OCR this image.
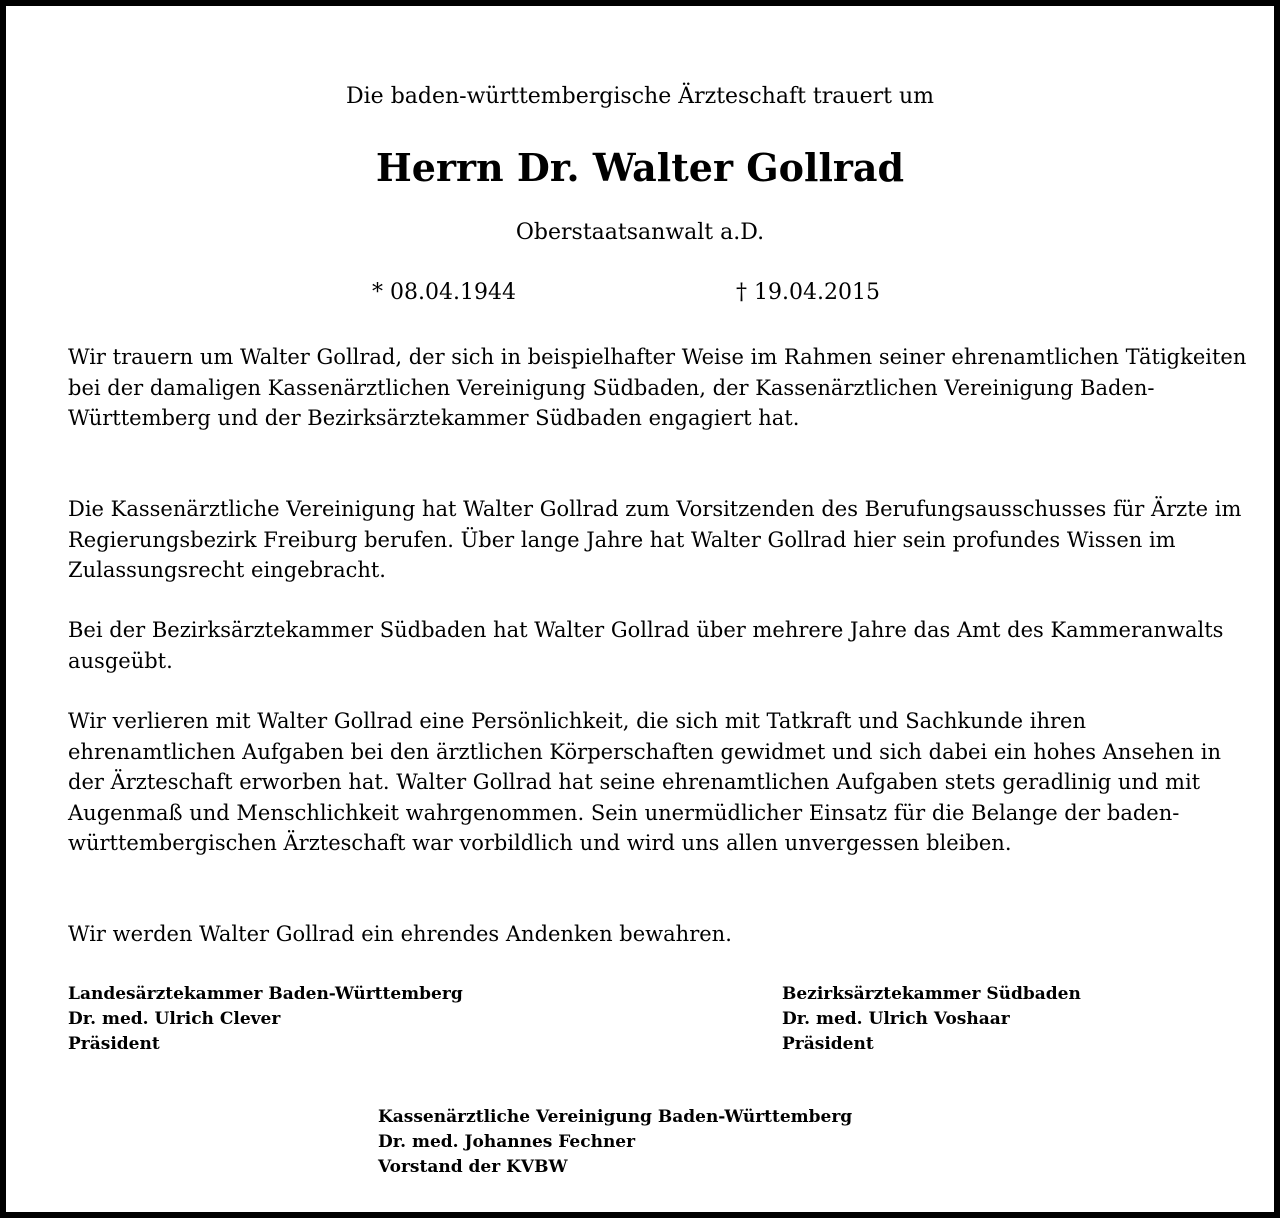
Die baden-württembergische Ärzteschaft trauert um
Herrn Dr. Walter Gollrad
Oberstaatsanwalt a.D.
* 08.04.1944	† 19.04.2015

Wir trauern um Walter Gollrad, der sich in beispielhafter Weise im Rahmen seiner ehrenamtlichen Tätigkeiten bei der damaligen Kassenärztlichen Vereinigung Südbaden, der Kassenärztlichen Vereinigung Baden-Württemberg und der Bezirksärztekammer Südbaden engagiert hat.

Die Kassenärztliche Vereinigung hat Walter Gollrad zum Vorsitzenden des Berufungsausschusses für Ärzte im Regierungsbezirk Freiburg berufen. Über lange Jahre hat Walter Gollrad hier sein profundes Wissen im Zulassungsrecht eingebracht.

Bei der Bezirksärztekammer Südbaden hat Walter Gollrad über mehrere Jahre das Amt des Kammeranwalts ausgeübt.

Wir verlieren mit Walter Gollrad eine Persönlichkeit, die sich mit Tatkraft und Sachkunde ihren ehrenamtlichen Aufgaben bei den ärztlichen Körperschaften gewidmet und sich dabei ein hohes Ansehen in der Ärzteschaft erworben hat. Walter Gollrad hat seine ehrenamtlichen Aufgaben stets geradlinig und mit Augenmaß und Menschlichkeit wahrgenommen. Sein unermüdlicher Einsatz für die Belange der baden-württembergischen Ärzteschaft war vorbildlich und wird uns allen unvergessen bleiben.

Wir werden Walter Gollrad ein ehrendes Andenken bewahren.

Landesärztekammer Baden-Württemberg
Dr. med. Ulrich Clever
Präsident
Bezirksärztekammer Südbaden
Dr. med. Ulrich Voshaar
Präsident
Kassenärztliche Vereinigung Baden-Württemberg
Dr. med. Johannes Fechner
Vorstand der KVBW
